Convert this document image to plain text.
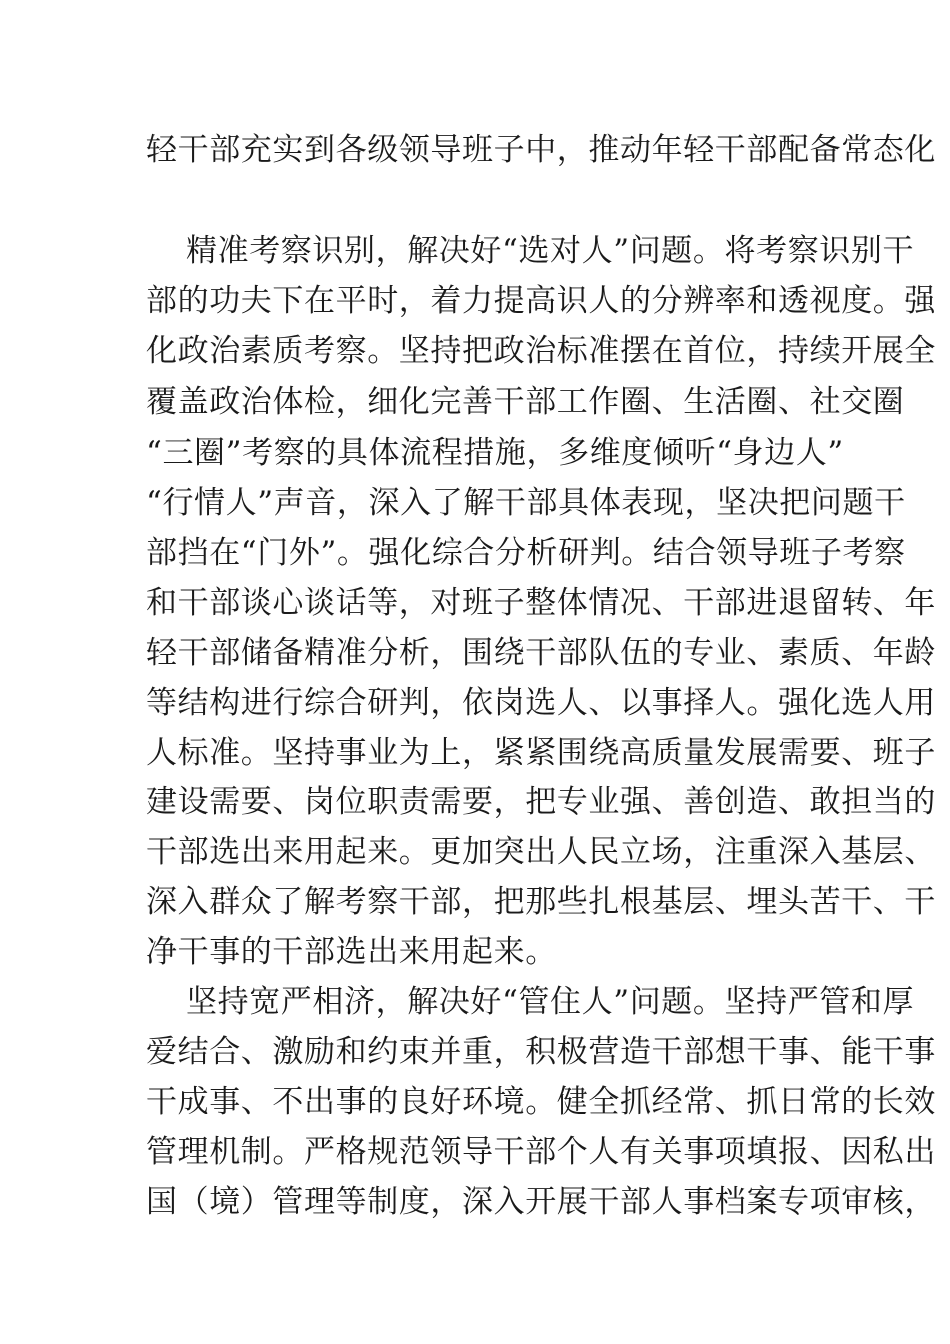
轻干部充实到各级领导班子中，推动年轻干部配备常态化
精准考察识别，解决好“选对人”问题。将考察识别干
部的功夫下在平时，着力提高识人的分辨率和透视度。强
化政治素质考察。坚持把政治标准摆在首位，持续开展全
覆盖政治体检，细化完善干部工作圈、生活圈、社交圈
“三圈”考察的具体流程措施，多维度倾听“身边人”
“行情人”声音，深入了解干部具体表现，坚决把问题干
部挡在“门外”。强化综合分析研判。结合领导班子考察
和干部谈心谈话等，对班子整体情况、干部进退留转、年
轻干部储备精准分析，围绕干部队伍的专业、素质、年龄
等结构进行综合研判，依岗选人、以事择人。强化选人用
人标准。坚持事业为上，紧紧围绕高质量发展需要、班子
建设需要、岗位职责需要，把专业强、善创造、敢担当的
干部选出来用起来。更加突出人民立场，注重深入基层、
深入群众了解考察干部，把那些扎根基层、埋头苦干、干
净干事的干部选出来用起来。
坚持宽严相济，解决好“管住人”问题。坚持严管和厚
爱结合、激励和约束并重，积极营造干部想干事、能干事
干成事、不出事的良好环境。健全抓经常、抓日常的长效
管理机制。严格规范领导干部个人有关事项填报、因私出
国（境）管理等制度，深入开展干部人事档案专项审核，
